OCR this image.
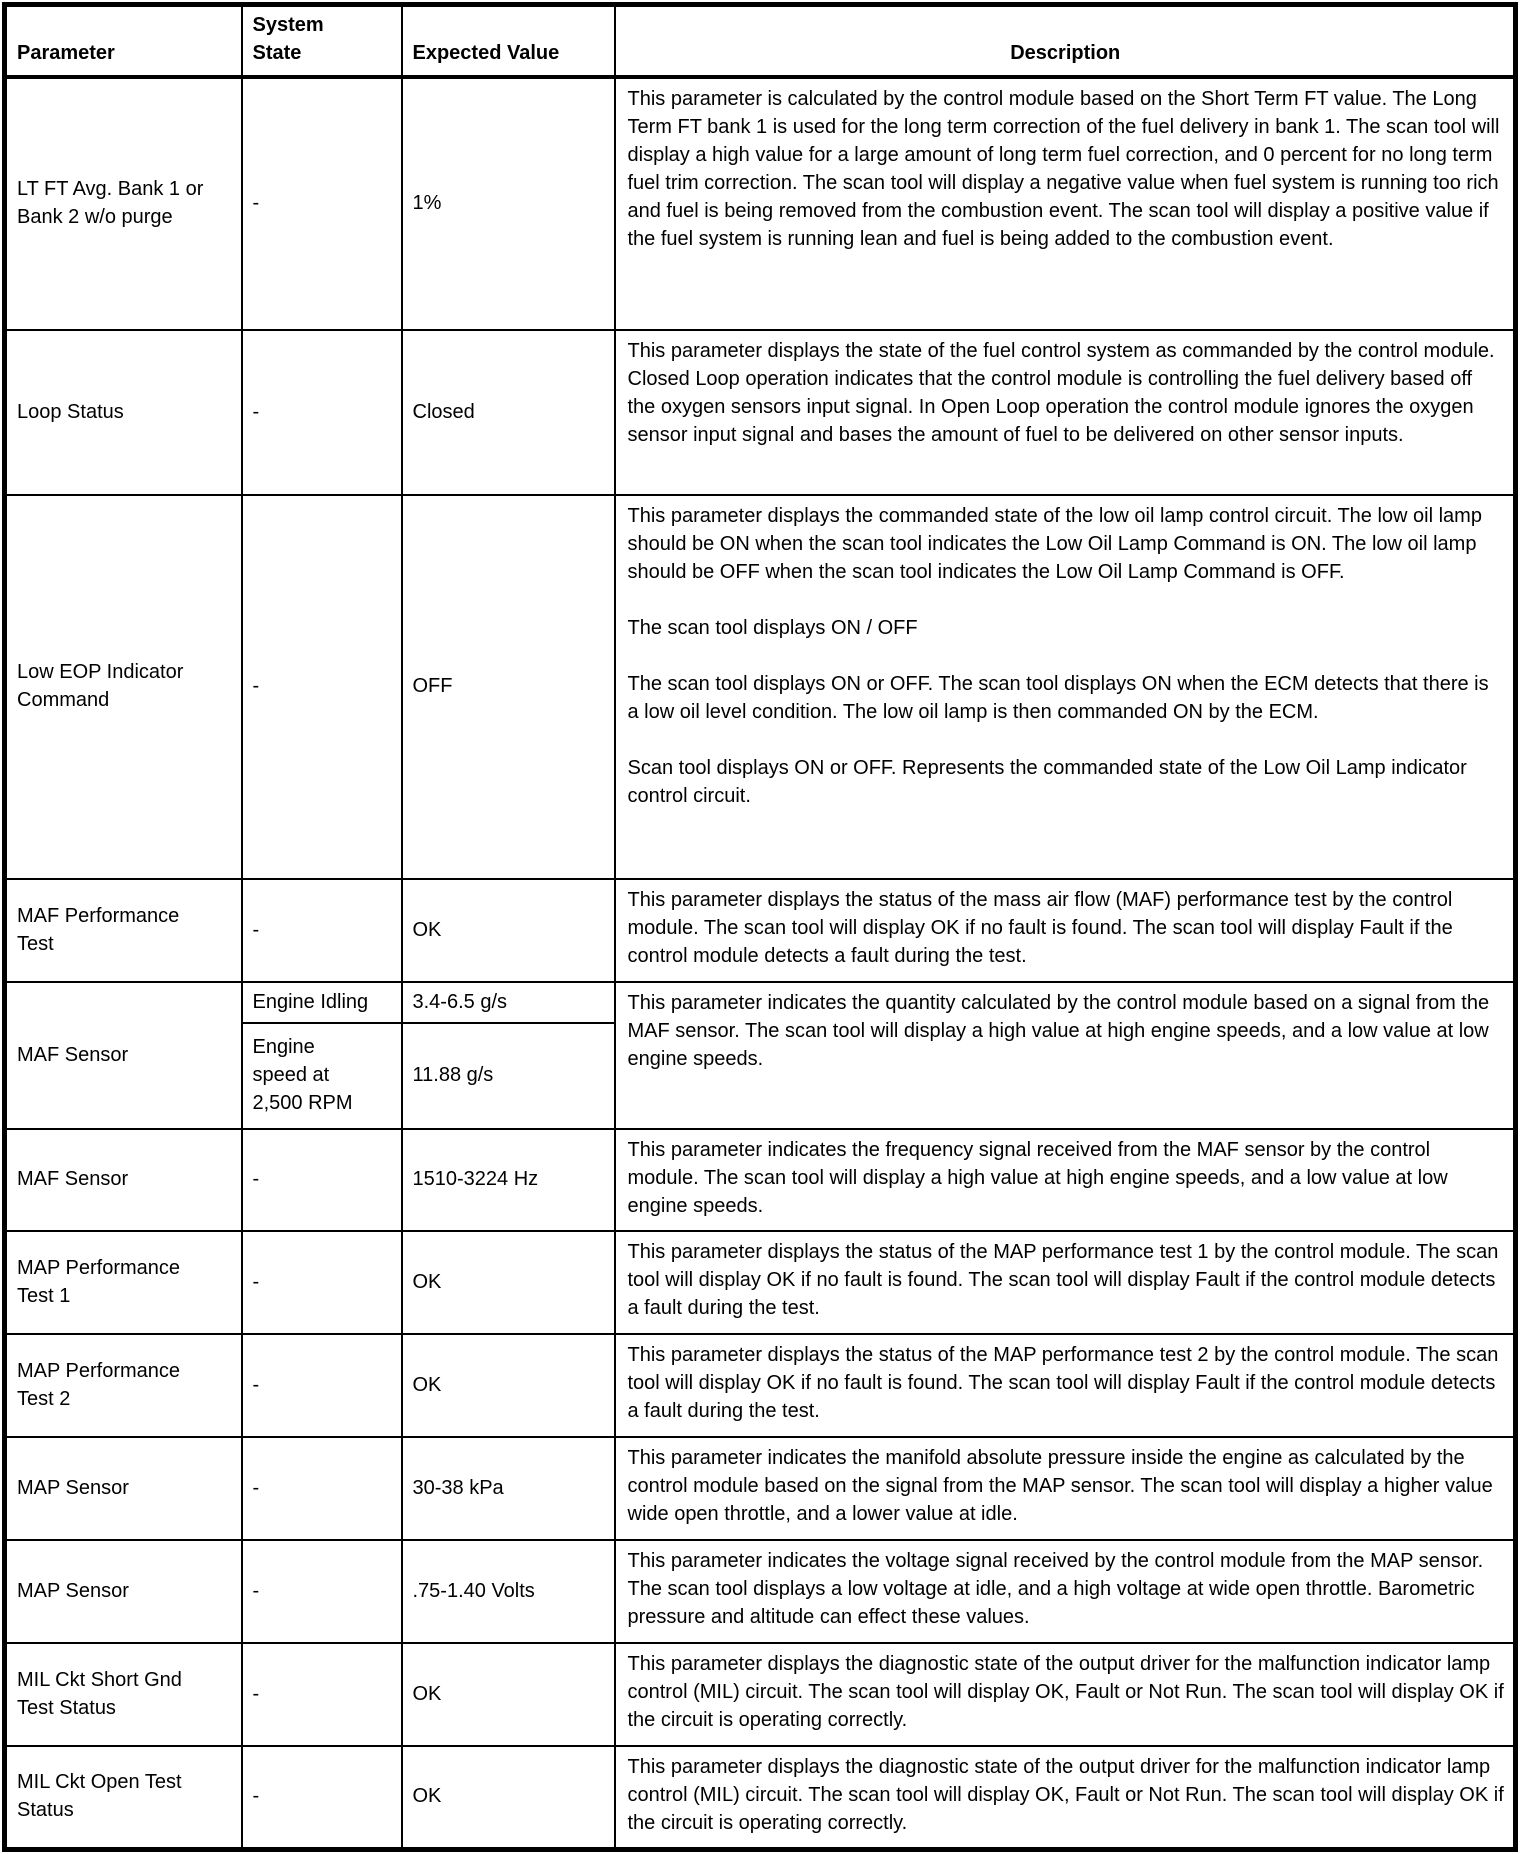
Parameter	System State	Expected Value	Description

LT FT Avg. Bank 1 or Bank 2 w/o purge	-	1%	This parameter is calculated by the control module based on the Short Term FT value. The Long Term FT bank 1 is used for the long term correction of the fuel delivery in bank 1. The scan tool will display a high value for a large amount of long term fuel correction, and 0 percent for no long term fuel trim correction. The scan tool will display a negative value when fuel system is running too rich and fuel is being removed from the combustion event. The scan tool will display a positive value if the fuel system is running lean and fuel is being added to the combustion event.

Loop Status	-	Closed	This parameter displays the state of the fuel control system as commanded by the control module. Closed Loop operation indicates that the control module is controlling the fuel delivery based off the oxygen sensors input signal. In Open Loop operation the control module ignores the oxygen sensor input signal and bases the amount of fuel to be delivered on other sensor inputs.

Low EOP Indicator Command	-	OFF	This parameter displays the commanded state of the low oil lamp control circuit. The low oil lamp should be ON when the scan tool indicates the Low Oil Lamp Command is ON. The low oil lamp should be OFF when the scan tool indicates the Low Oil Lamp Command is OFF.

The scan tool displays ON / OFF

The scan tool displays ON or OFF. The scan tool displays ON when the ECM detects that there is a low oil level condition. The low oil lamp is then commanded ON by the ECM.

Scan tool displays ON or OFF. Represents the commanded state of the Low Oil Lamp indicator control circuit.

MAF Performance Test	-	OK	This parameter displays the status of the mass air flow (MAF) performance test by the control module. The scan tool will display OK if no fault is found. The scan tool will display Fault if the control module detects a fault during the test.

MAF Sensor	Engine Idling	3.4-6.5 g/s	This parameter indicates the quantity calculated by the control module based on a signal from the MAF sensor. The scan tool will display a high value at high engine speeds, and a low value at low engine speeds.

	Engine speed at 2,500 RPM	11.88 g/s	

MAF Sensor	-	1510-3224 Hz	This parameter indicates the frequency signal received from the MAF sensor by the control module. The scan tool will display a high value at high engine speeds, and a low value at low engine speeds.

MAP Performance Test 1	-	OK	This parameter displays the status of the MAP performance test 1 by the control module. The scan tool will display OK if no fault is found. The scan tool will display Fault if the control module detects a fault during the test.

MAP Performance Test 2	-	OK	This parameter displays the status of the MAP performance test 2 by the control module. The scan tool will display OK if no fault is found. The scan tool will display Fault if the control module detects a fault during the test.

MAP Sensor	-	30-38 kPa	This parameter indicates the manifold absolute pressure inside the engine as calculated by the control module based on the signal from the MAP sensor. The scan tool will display a higher value wide open throttle, and a lower value at idle.

MAP Sensor	-	.75-1.40 Volts	This parameter indicates the voltage signal received by the control module from the MAP sensor. The scan tool displays a low voltage at idle, and a high voltage at wide open throttle. Barometric pressure and altitude can effect these values.

MIL Ckt Short Gnd Test Status	-	OK	This parameter displays the diagnostic state of the output driver for the malfunction indicator lamp control (MIL) circuit. The scan tool will display OK, Fault or Not Run. The scan tool will display OK if the circuit is operating correctly.

MIL Ckt Open Test Status	-	OK	This parameter displays the diagnostic state of the output driver for the malfunction indicator lamp control (MIL) circuit. The scan tool will display OK, Fault or Not Run. The scan tool will display OK if the circuit is operating correctly.
